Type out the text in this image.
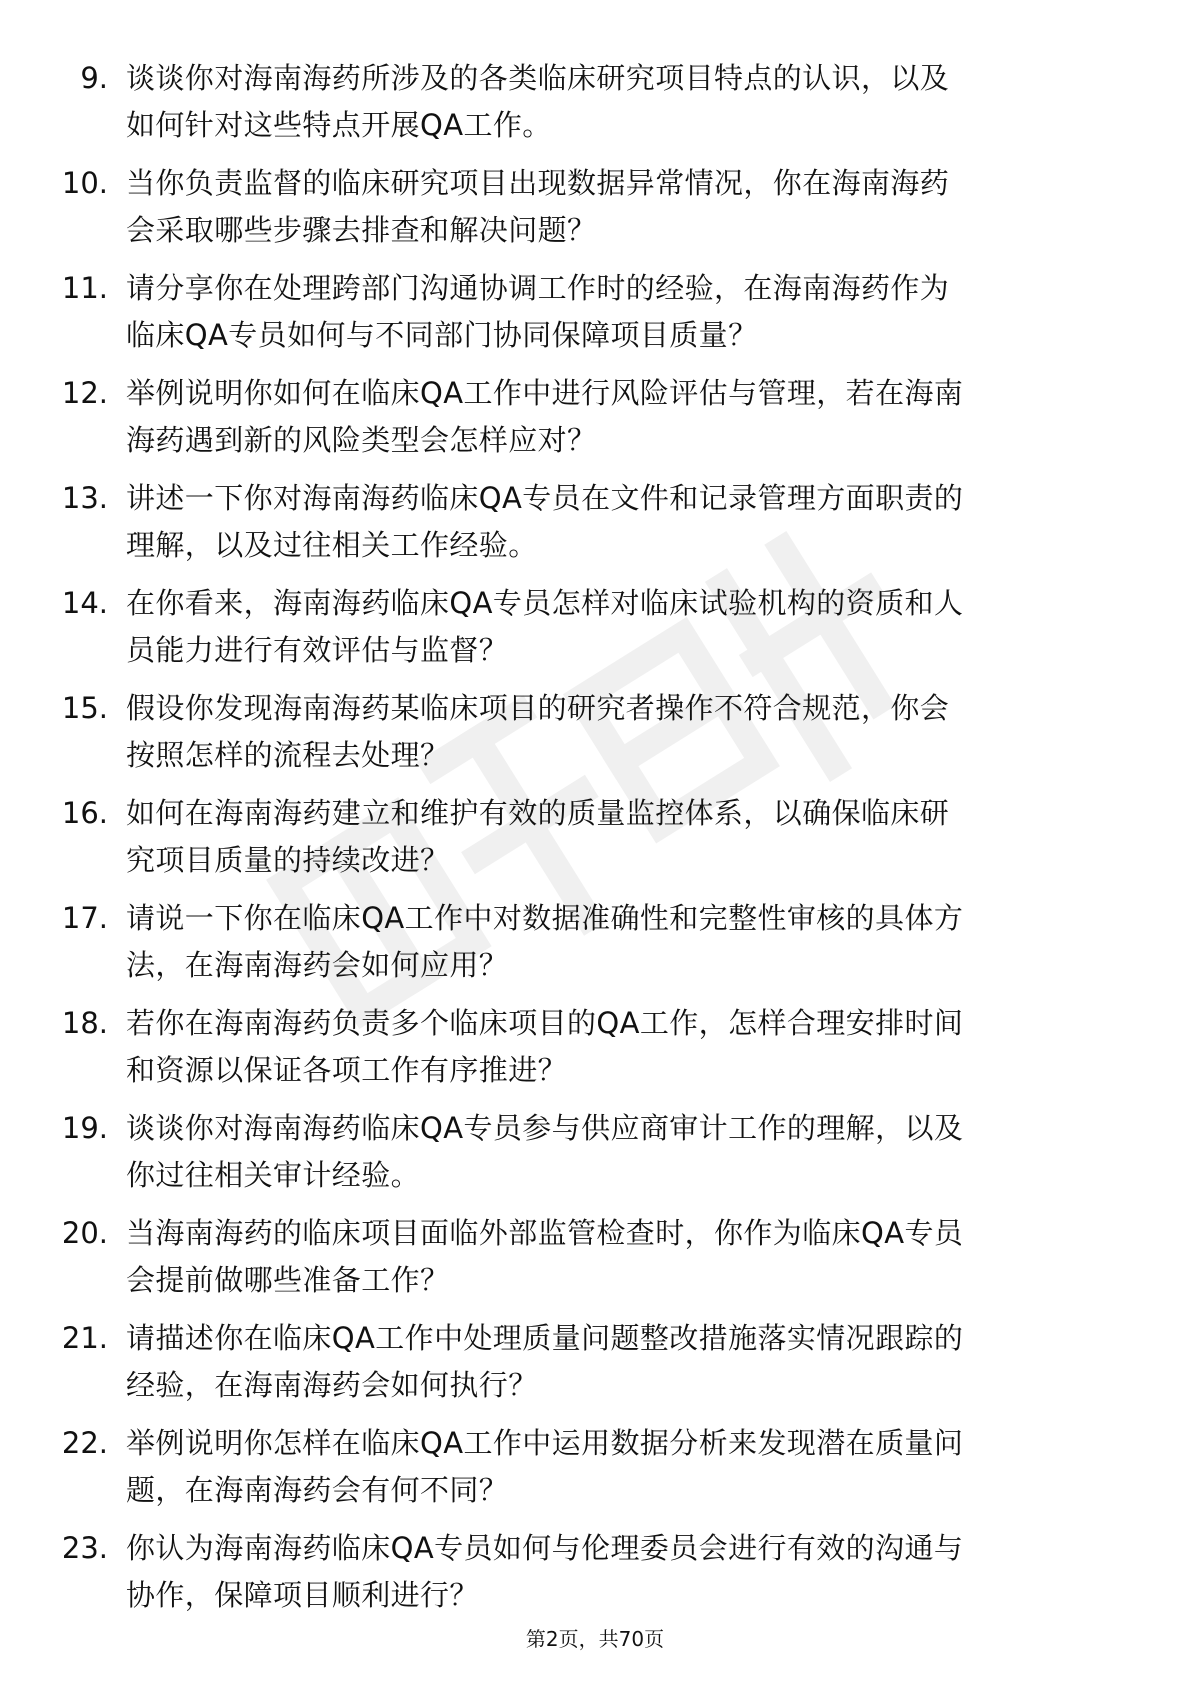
9. 谈谈你对海南海药所涉及的各类临床研究项目特点的认识，以及
如何针对这些特点开展QA工作。
10. 当你负责监督的临床研究项目出现数据异常情况，你在海南海药
会采取哪些步骤去排查和解决问题？
11. 请分享你在处理跨部门沟通协调工作时的经验，在海南海药作为
临床QA专员如何与不同部门协同保障项目质量？
12. 举例说明你如何在临床QA工作中进行风险评估与管理，若在海南
海药遇到新的风险类型会怎样应对？
13. 讲述一下你对海南海药临床QA专员在文件和记录管理方面职责的
理解，以及过往相关工作经验。
14. 在你看来，海南海药临床QA专员怎样对临床试验机构的资质和人
员能力进行有效评估与监督？
15. 假设你发现海南海药某临床项目的研究者操作不符合规范，你会
按照怎样的流程去处理？
16. 如何在海南海药建立和维护有效的质量监控体系，以确保临床研
究项目质量的持续改进？
17. 请说一下你在临床QA工作中对数据准确性和完整性审核的具体方
法，在海南海药会如何应用？
18. 若你在海南海药负责多个临床项目的QA工作，怎样合理安排时间
和资源以保证各项工作有序推进？
19. 谈谈你对海南海药临床QA专员参与供应商审计工作的理解，以及
你过往相关审计经验。
20. 当海南海药的临床项目面临外部监管检查时，你作为临床QA专员
会提前做哪些准备工作？
21. 请描述你在临床QA工作中处理质量问题整改措施落实情况跟踪的
经验，在海南海药会如何执行？
22. 举例说明你怎样在临床QA工作中运用数据分析来发现潜在质量问
题，在海南海药会有何不同？
23. 你认为海南海药临床QA专员如何与伦理委员会进行有效的沟通与
协作，保障项目顺利进行？
第2页，共70页
